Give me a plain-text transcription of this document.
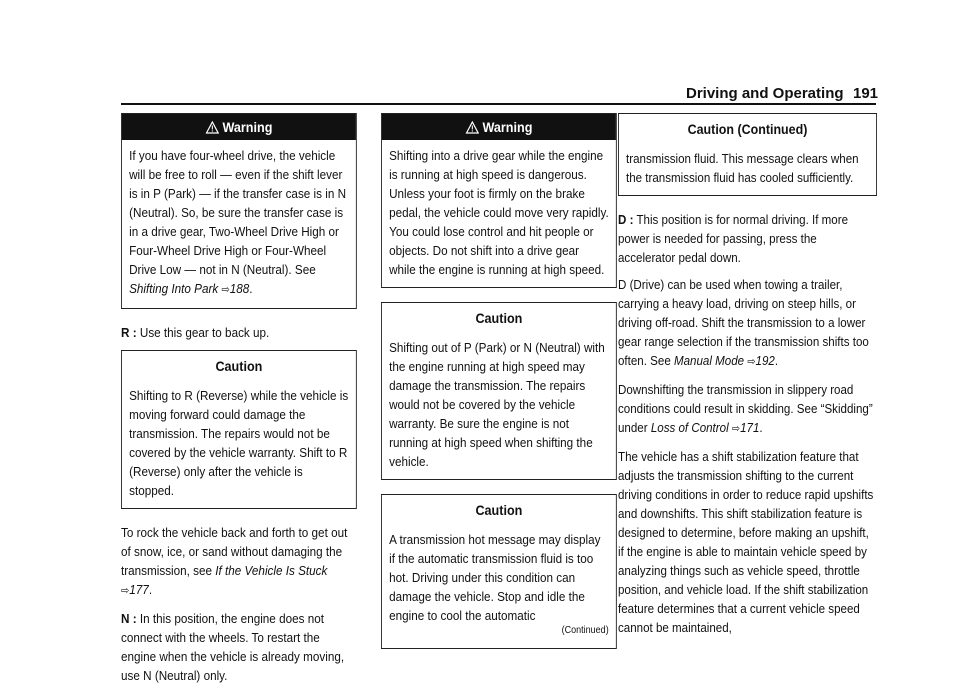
Driving and Operating 191
Warning
If you have four-wheel drive, the vehicle will be free to roll — even if the shift lever is in P (Park) — if the transfer case is in N (Neutral). So, be sure the transfer case is in a drive gear, Two-Wheel Drive High or Four-Wheel Drive High or Four-Wheel Drive Low — not in N (Neutral). See Shifting Into Park ⇨188.

R : Use this gear to back up.

Caution
Shifting to R (Reverse) while the vehicle is moving forward could damage the transmission. The repairs would not be covered by the vehicle warranty. Shift to R (Reverse) only after the vehicle is stopped.

To rock the vehicle back and forth to get out of snow, ice, or sand without damaging the transmission, see If the Vehicle Is Stuck ⇨177.

N : In this position, the engine does not connect with the wheels. To restart the engine when the vehicle is already moving, use N (Neutral) only.

Warning
Shifting into a drive gear while the engine is running at high speed is dangerous. Unless your foot is firmly on the brake pedal, the vehicle could move very rapidly. You could lose control and hit people or objects. Do not shift into a drive gear while the engine is running at high speed.
Caution
Shifting out of P (Park) or N (Neutral) with the engine running at high speed may damage the transmission. The repairs would not be covered by the vehicle warranty. Be sure the engine is not running at high speed when shifting the vehicle.
Caution
A transmission hot message may display if the automatic transmission fluid is too hot. Driving under this condition can damage the vehicle. Stop and idle the engine to cool the automatic
(Continued)
Caution (Continued)
transmission fluid. This message clears when the transmission fluid has cooled sufficiently.

D : This position is for normal driving. If more power is needed for passing, press the accelerator pedal down.

D (Drive) can be used when towing a trailer, carrying a heavy load, driving on steep hills, or driving off-road. Shift the transmission to a lower gear range selection if the transmission shifts too often. See Manual Mode ⇨192.

Downshifting the transmission in slippery road conditions could result in skidding. See “Skidding” under Loss of Control ⇨171.

The vehicle has a shift stabilization feature that adjusts the transmission shifting to the current driving conditions in order to reduce rapid upshifts and downshifts. This shift stabilization feature is designed to determine, before making an upshift, if the engine is able to maintain vehicle speed by analyzing things such as vehicle speed, throttle position, and vehicle load. If the shift stabilization feature determines that a current vehicle speed cannot be maintained,
